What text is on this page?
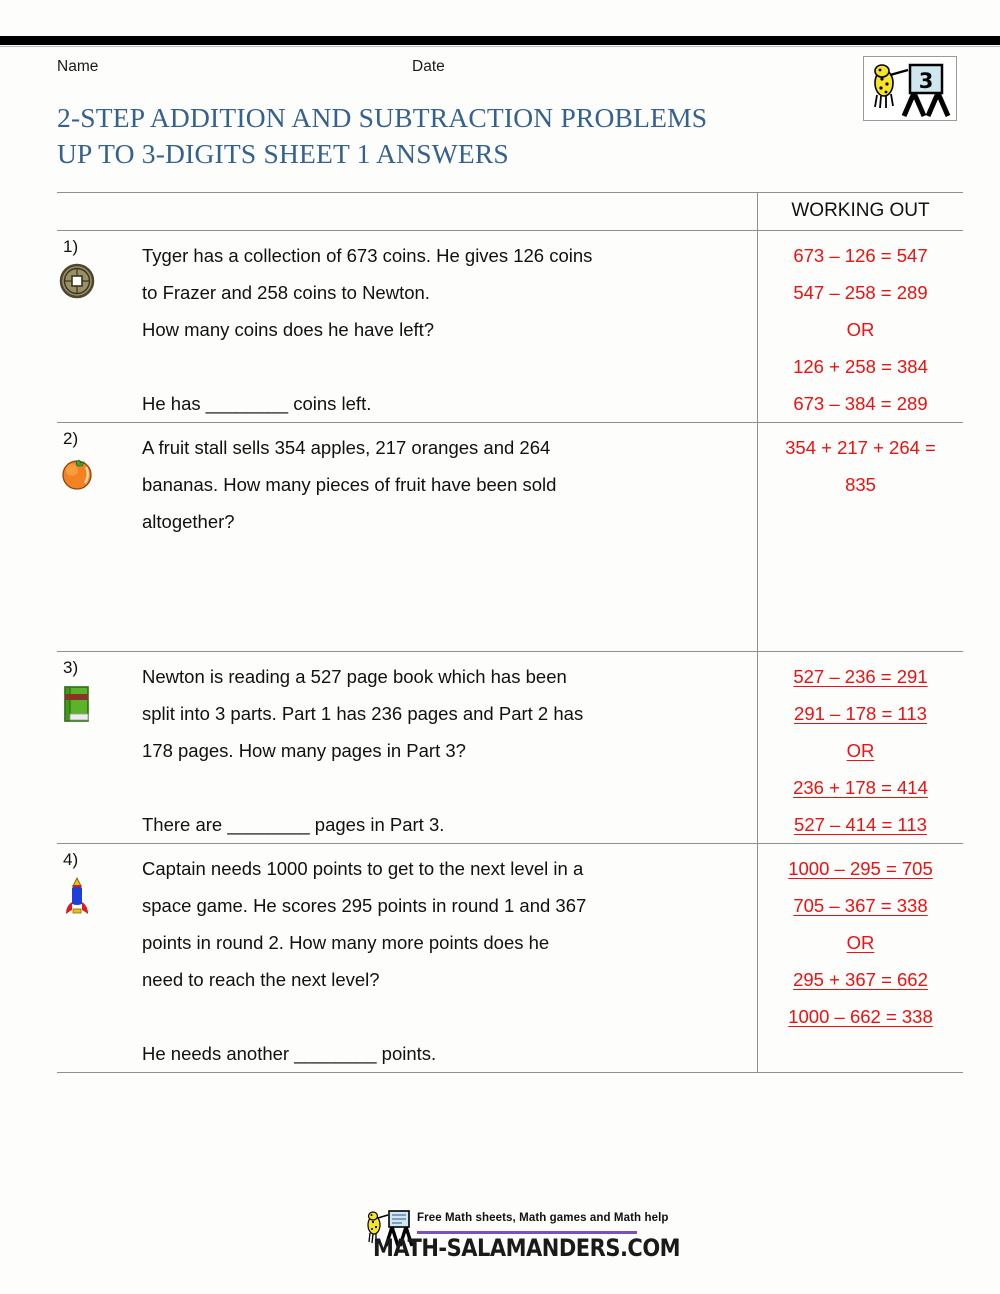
Name	Date
3
2-STEP ADDITION AND SUBTRACTION PROBLEMS
UP TO 3-DIGITS SHEET 1 ANSWERS
WORKING OUT
1)	Tyger has a collection of 673 coins. He gives 126 coins
to Frazer and 258 coins to Newton.
How many coins does he have left?

He has ________ coins left.
673 – 126 = 547
547 – 258 = 289
OR
126 + 258 = 384
673 – 384 = 289
2)	A fruit stall sells 354 apples, 217 oranges and 264
bananas. How many pieces of fruit have been sold
altogether?

354 + 217 + 264 =
835
3)	Newton is reading a 527 page book which has been
split into 3 parts. Part 1 has 236 pages and Part 2 has
178 pages. How many pages in Part 3?

There are ________ pages in Part 3.
527 – 236 = 291
291 – 178 = 113
OR
236 + 178 = 414
527 – 414 = 113
4)	Captain needs 1000 points to get to the next level in a
space game. He scores 295 points in round 1 and 367
points in round 2. How many more points does he
need to reach the next level?

He needs another ________ points.
1000 – 295 = 705
705 – 367 = 338
OR
295 + 367 = 662
1000 – 662 = 338
Free Math sheets, Math games and Math help
MATH-SALAMANDERS.COM
